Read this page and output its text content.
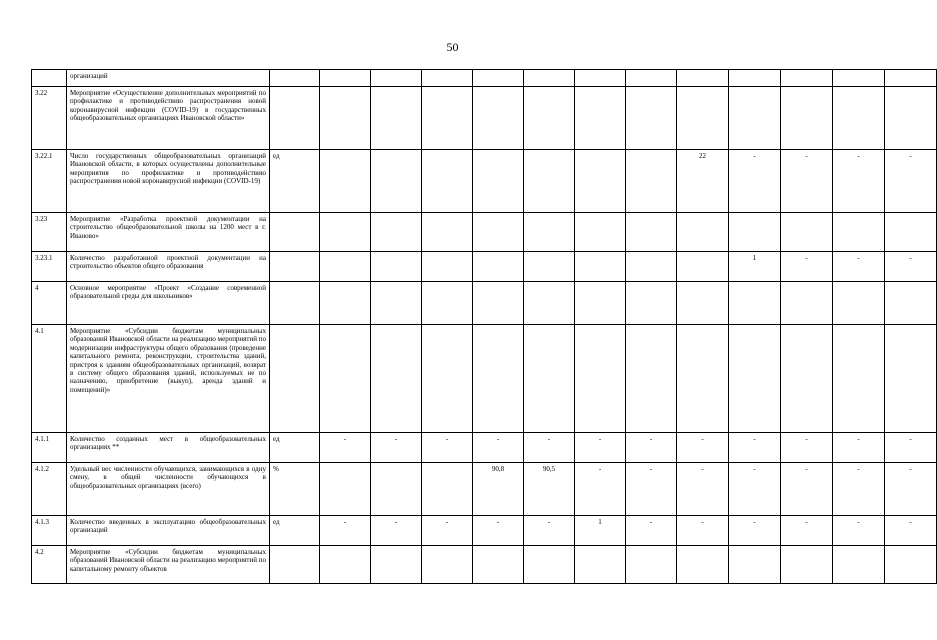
50
	организаций													
3.22	Мероприятие «Осуществление дополнительных мероприятий по профилактике и противодействию распространения новой коронавирусной инфекции (COVID-19) в государственных общеобразовательных организациях Ивановской области»													
3.22.1	Число государственных общеобразовательных организаций Ивановской области, в которых осуществлены дополнительные мероприятия по профилактике и противодействию распространения новой коронавирусной инфекции (COVID-19)	ед								22	-	-	-	-
3.23	Мероприятие «Разработка проектной документации на строительство общеобразовательной школы на 1200 мест в г. Иваново»													
3.23.1	Количество разработанной проектной документации на строительство объектов общего образования										1	-	-	-
4	Основное мероприятие «Проект «Создание современной образовательной среды для школьников»													
4.1	Мероприятие «Субсидии бюджетам муниципальных образований Ивановской области на реализацию мероприятий по модернизации инфраструктуры общего образования (проведение капитального ремонта, реконструкции, строительства зданий, пристроя к зданиям общеобразовательных организаций, возврат в систему общего образования зданий, используемых не по назначению, приобретение (выкуп), аренда зданий и помещений)»													
4.1.1	Количество созданных мест в общеобразовательных организациях **	ед	-	-	-	-	-	-	-	-	-	-	-	-
4.1.2	Удельный вес численности обучающихся, занимающихся в одну смену, в общей численности обучающихся в общеобразовательных организациях (всего)	%				90,8	90,5	-	-	-	-	-	-	-
4.1.3	Количество введенных в эксплуатацию общеобразовательных организаций	ед	-	-	-	-	-	1	-	-	-	-	-	-
4.2	Мероприятие «Субсидии бюджетам муниципальных образований Ивановской области на реализацию мероприятий по капитальному ремонту объектов													
